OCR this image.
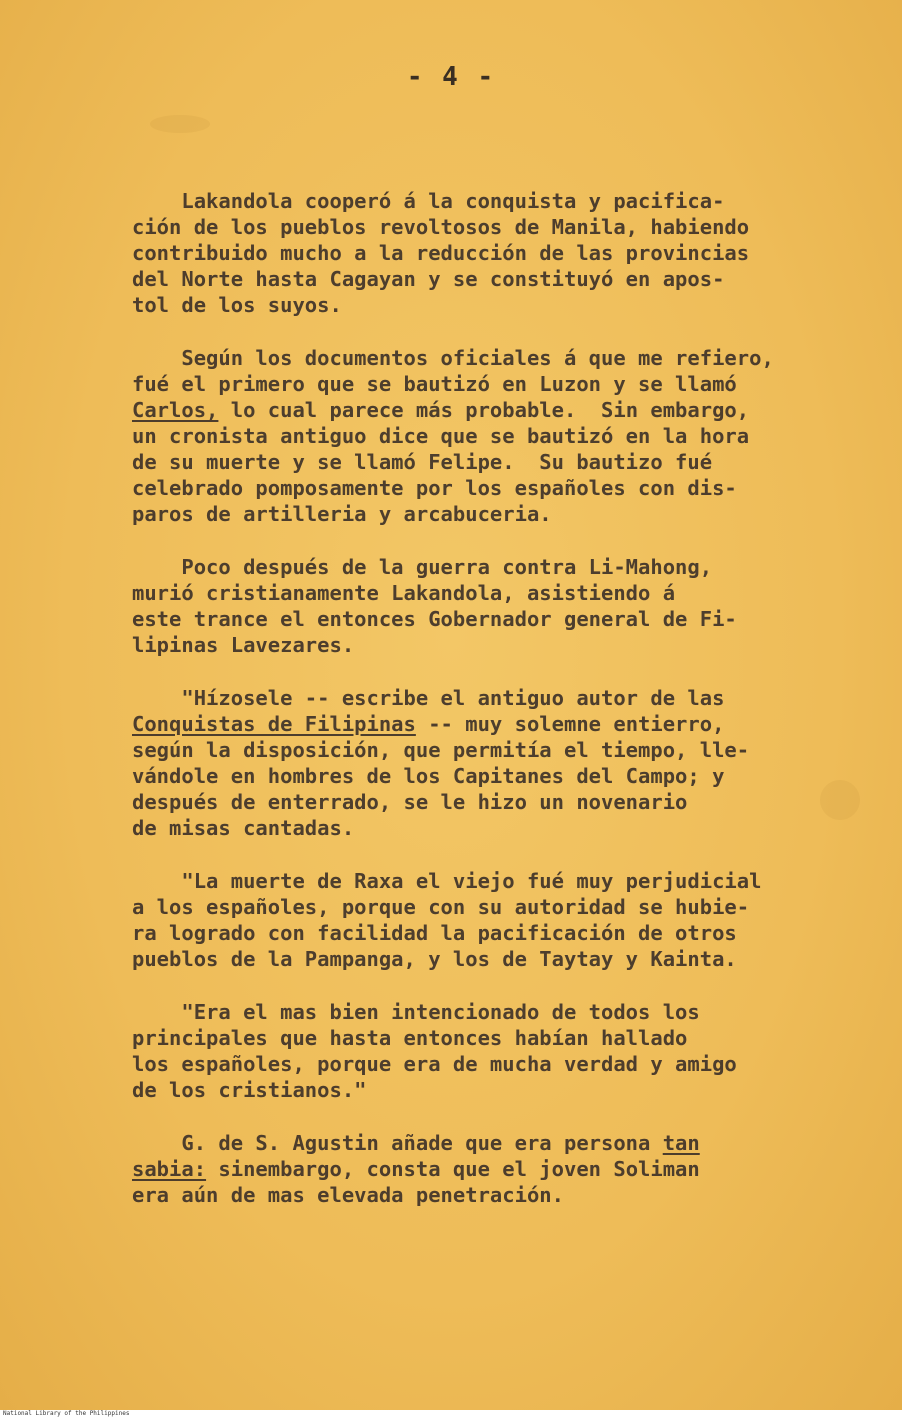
- 4 -
Lakandola cooperó á la conquista y pacifica-
ción de los pueblos revoltosos de Manila, habiendo
contribuido mucho a la reducción de las provincias
del Norte hasta Cagayan y se constituyó en apos-
tol de los suyos.
Según los documentos oficiales á que me refiero,
fué el primero que se bautizó en Luzon y se llamó
Carlos, lo cual parece más probable.  Sin embargo,
un cronista antiguo dice que se bautizó en la hora
de su muerte y se llamó Felipe.  Su bautizo fué
celebrado pomposamente por los españoles con dis-
paros de artilleria y arcabuceria.
Poco después de la guerra contra Li-Mahong,
murió cristianamente Lakandola, asistiendo á
este trance el entonces Gobernador general de Fi-
lipinas Lavezares.
"Hízosele -- escribe el antiguo autor de las
Conquistas de Filipinas -- muy solemne entierro,
según la disposición, que permitía el tiempo, lle-
vándole en hombres de los Capitanes del Campo; y
después de enterrado, se le hizo un novenario
de misas cantadas.
"La muerte de Raxa el viejo fué muy perjudicial
a los españoles, porque con su autoridad se hubie-
ra logrado con facilidad la pacificación de otros
pueblos de la Pampanga, y los de Taytay y Kainta.
"Era el mas bien intencionado de todos los
principales que hasta entonces habían hallado
los españoles, porque era de mucha verdad y amigo
de los cristianos."
G. de S. Agustin añade que era persona tan
sabia: sinembargo, consta que el joven Soliman
era aún de mas elevada penetración.
National Library of the Philippines
